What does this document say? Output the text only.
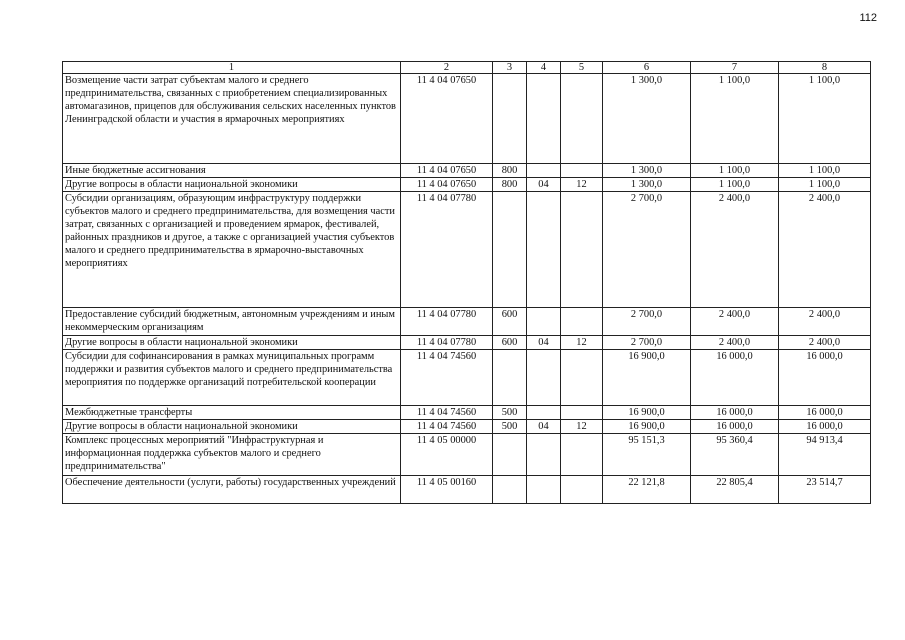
112
1	2	3	4	5	6	7	8
Возмещение части затрат субъектам малого и среднего предпринимательства, связанных с приобретением специализированных автомагазинов, прицепов для обслуживания сельских населенных пунктов Ленинградской области и участия в ярмарочных мероприятиях	11 4 04 07650				1 300,0	1 100,0	1 100,0
Иные бюджетные ассигнования	11 4 04 07650	800			1 300,0	1 100,0	1 100,0
Другие вопросы в области национальной экономики	11 4 04 07650	800	04	12	1 300,0	1 100,0	1 100,0
Субсидии организациям, образующим инфраструктуру поддержки субъектов малого и среднего предпринимательства, для возмещения части затрат, связанных с организацией и проведением ярмарок, фестивалей, районных праздников и другое, а также с организацией участия субъектов малого и среднего предпринимательства в ярмарочно-выставочных мероприятиях	11 4 04 07780				2 700,0	2 400,0	2 400,0
Предоставление субсидий бюджетным, автономным учреждениям и иным некоммерческим организациям	11 4 04 07780	600			2 700,0	2 400,0	2 400,0
Другие вопросы в области национальной экономики	11 4 04 07780	600	04	12	2 700,0	2 400,0	2 400,0
Субсидии для софинансирования в рамках муниципальных программ поддержки и развития субъектов малого и среднего предпринимательства мероприятия по поддержке организаций потребительской кооперации	11 4 04 74560				16 900,0	16 000,0	16 000,0
Межбюджетные трансферты	11 4 04 74560	500			16 900,0	16 000,0	16 000,0
Другие вопросы в области национальной экономики	11 4 04 74560	500	04	12	16 900,0	16 000,0	16 000,0
Комплекс процессных мероприятий "Инфраструктурная и информационная поддержка субъектов малого и среднего предпринимательства"	11 4 05 00000				95 151,3	95 360,4	94 913,4
Обеспечение деятельности (услуги, работы) государственных учреждений	11 4 05 00160				22 121,8	22 805,4	23 514,7
